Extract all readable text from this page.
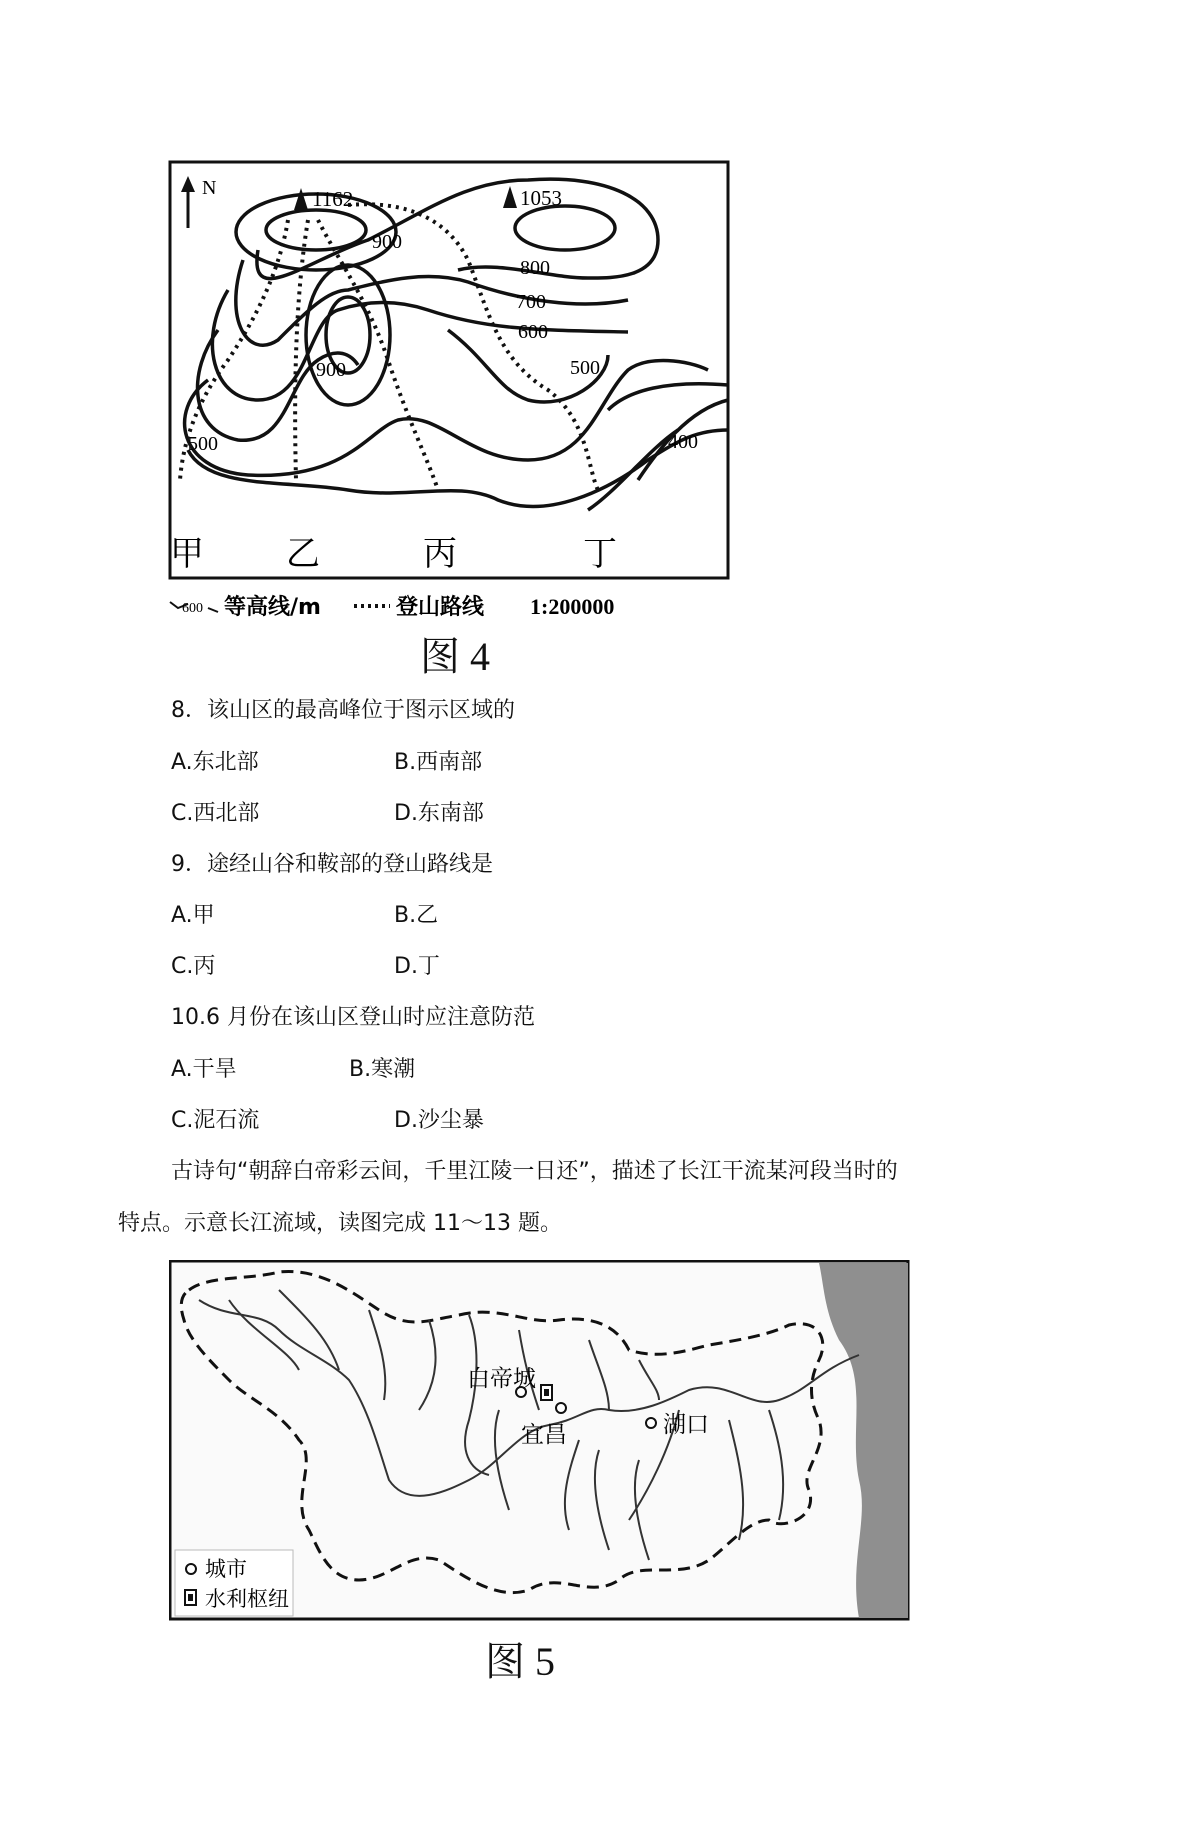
N	1162	1053
900
800
700
600
500
900
500	400
甲 乙	丙	丁
600 等高线/m	登山路线 1:200000
图 4
8．该山区的最高峰位于图示区域的
A.东北部	B.西南部
C.西北部	D.东南部
9．途经山谷和鞍部的登山路线是
A.甲	B.乙
C.丙	D.丁
10.6 月份在该山区登山时应注意防范
A.干旱	B.寒潮
C.泥石流	D.沙尘暴
古诗句“朝辞白帝彩云间，千里江陵一日还”，描述了长江干流某河段当时的
特点。示意长江流域，读图完成 11～13 题。
白帝城
宜昌	湖口
城市
水利枢纽
图 5
